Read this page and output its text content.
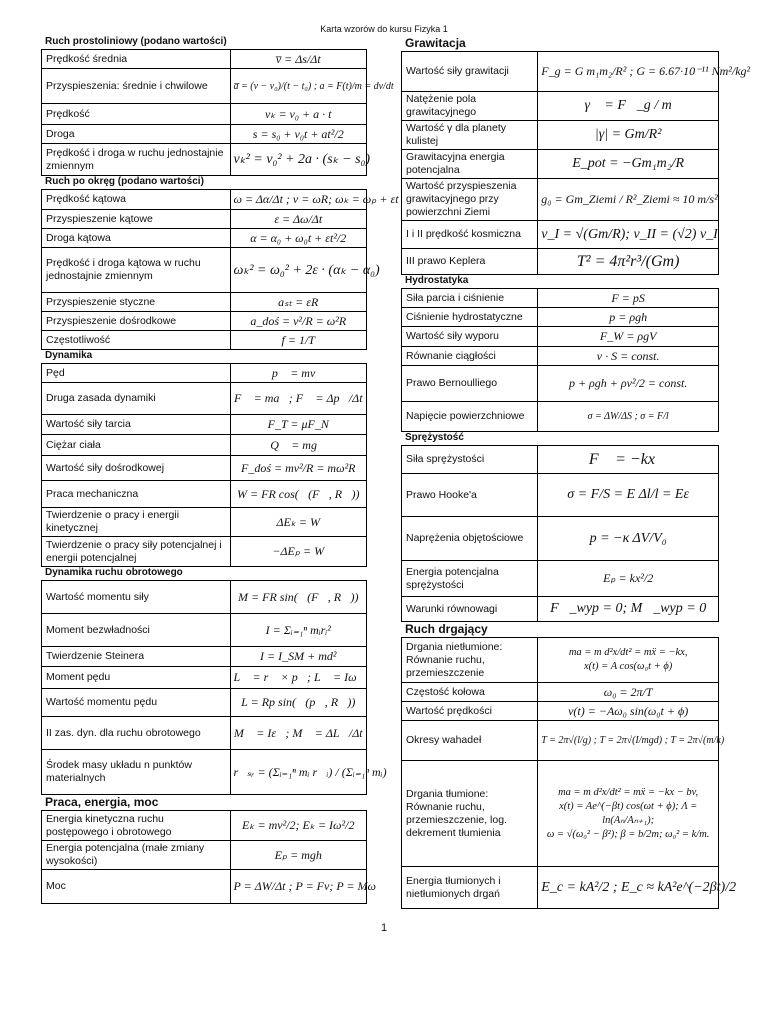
Karta wzorów do kursu Fizyka 1
Ruch prostoliniowy (podano wartości)
Prędkość średnia	v̅ = Δs/Δt
Przyspieszenia: średnie i chwilowe	a̅ = (v − v₀)/(t − t₀) ; a = F(t)/m = dv/dt
Prędkość	vₖ = v₀ + a · t
Droga	s = s₀ + v₀t + at²/2
Prędkość i droga w ruchu jednostajnie zmiennym	vₖ² = v₀² + 2a · (sₖ − s₀)
Ruch po okręg (podano wartości)
Prędkość kątowa	ω = Δα/Δt ; v = ωR; ωₖ = ωₚ + εt
Przyspieszenie kątowe	ε = Δω/Δt
Droga kątowa	α = α₀ + ω₀t + εt²/2
Prędkość i droga kątowa w ruchu jednostajnie zmiennym	ωₖ² = ω₀² + 2ε · (αₖ − α₀)
Przyspieszenie styczne	aₛₜ = εR
Przyspieszenie dośrodkowe	a_doś = v²/R = ω²R
Częstotliwość	f = 1/T
Dynamika
Pęd	p⃗ = mv⃗
Druga zasada dynamiki	F⃗ = ma⃗; F⃗ = Δp⃗/Δt
Wartość siły tarcia	F_T = μF_N
Ciężar ciała	Q⃗ = mg⃗
Wartość siły dośrodkowej	F_doś = mv²/R = mω²R
Praca mechaniczna	W = FR cos(∢(F⃗, R⃗))
Twierdzenie o pracy i energii kinetycznej	ΔEₖ = W
Twierdzenie o pracy siły potencjalnej i energii potencjalnej	−ΔEₚ = W
Dynamika ruchu obrotowego
Wartość momentu siły	M = FR sin(∢(F⃗, R⃗))
Moment bezwładności	I = Σᵢ₌₁ⁿ mᵢrᵢ²
Twierdzenie Steinera	I = I_SM + md²
Moment pędu	L⃗ = r⃗ × p⃗; L⃗ = Iω⃗
Wartość momentu pędu	L = Rp sin(∢(p⃗, R⃗))
II zas. dyn. dla ruchu obrotowego	M⃗ = Iε⃗; M⃗ = ΔL⃗/Δt
Środek masy układu n punktów materialnych	r⃗ₛᵣ = (Σᵢ₌₁ⁿ mᵢ r⃗ᵢ) / (Σᵢ₌₁ⁿ mᵢ)
Praca, energia, moc
Energia kinetyczna ruchu postępowego i obrotowego	Eₖ = mv²/2; Eₖ = Iω²/2
Energia potencjalna (małe zmiany wysokości)	Eₚ = mgh
Moc	P = ΔW/Δt ; P = Fv; P = Mω
Grawitacja
Wartość siły grawitacji	F_g = G m₁m₂/R² ; G = 6.67·10⁻¹¹ Nm²/kg²
Natężenie pola grawitacyjnego	γ⃗ = F⃗_g / m
Wartość γ dla planety kulistej	|γ| = Gm/R²
Grawitacyjna energia potencjalna	E_pot = −Gm₁m₂/R
Wartość przyspieszenia grawitacyjnego przy powierzchni Ziemi	g₀ = Gm_Ziemi / R²_Ziemi ≈ 10 m/s²
I i II prędkość kosmiczna	v_I = √(Gm/R); v_II = (√2) v_I
III prawo Keplera	T² = 4π²r³/(Gm)
Hydrostatyka
Siła parcia i ciśnienie	F = pS
Ciśnienie hydrostatyczne	p = ρgh
Wartość siły wyporu	F_W = ρgV
Równanie ciągłości	v · S = const.
Prawo Bernoulliego	p + ρgh + ρv²/2 = const.
Napięcie powierzchniowe	σ = ΔW/ΔS ; σ = F/l
Sprężystość
Siła sprężystości	F⃗ = −kx⃗
Prawo Hooke'a	σ = F/S = E Δl/l = Eε
Naprężenia objętościowe	p = −κ ΔV/V₀
Energia potencjalna sprężystości	Eₚ = kx²/2
Warunki równowagi	F⃗_wyp = 0; M⃗_wyp = 0
Ruch drgający
Drgania nietłumione: Równanie ruchu, przemieszczenie	ma = m d²x/dt² = mẍ = −kx,
x(t) = A cos(ω₀t + ϕ)
Częstość kołowa	ω₀ = 2π/T
Wartość prędkości	v(t) = −Aω₀ sin(ω₀t + ϕ)
Okresy wahadeł	T = 2π√(l/g) ; T = 2π√(I/mgd) ; T = 2π√(m/k)
Drgania tłumione: Równanie ruchu, przemieszczenie, log. dekrement tłumienia	ma = m d²x/dt² = mẍ = −kx − bv,
x(t) = Ae^(−βt) cos(ωt + ϕ); Λ = ln(Aₙ/Aₙ₊₁);
ω = √(ω₀² − β²); β = b/2m; ω₀² = k/m.
Energia tłumionych i nietłumionych drgań	E_c = kA²/2 ; E_c ≈ kA²e^(−2βt)/2
1
